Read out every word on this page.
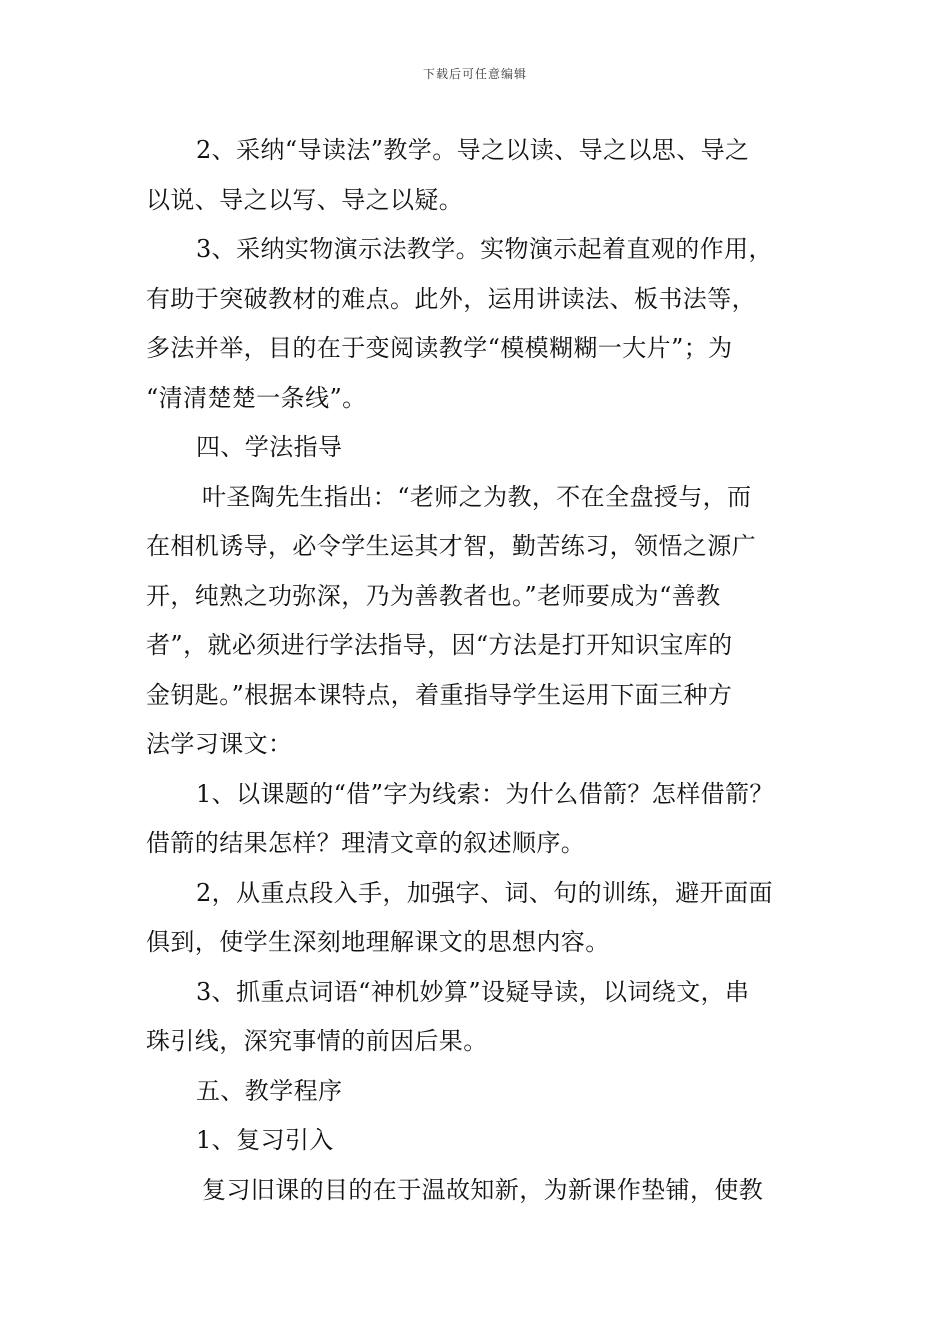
下载后可任意编辑
2、采纳“导读法”教学。导之以读、导之以思、导之
以说、导之以写、导之以疑。
3、采纳实物演示法教学。实物演示起着直观的作用，
有助于突破教材的难点。此外，运用讲读法、板书法等，
多法并举，目的在于变阅读教学“模模糊糊一大片”；为
“清清楚楚一条线”。
四、学法指导
叶圣陶先生指出：“老师之为教，不在全盘授与，而
在相机诱导，必令学生运其才智，勤苦练习，领悟之源广
开，纯熟之功弥深，乃为善教者也。”老师要成为“善教
者”，就必须进行学法指导，因“方法是打开知识宝库的
金钥匙。”根据本课特点，着重指导学生运用下面三种方
法学习课文：
1、以课题的“借”字为线索：为什么借箭？怎样借箭？
借箭的结果怎样？理清文章的叙述顺序。
2，从重点段入手，加强字、词、句的训练，避开面面
俱到，使学生深刻地理解课文的思想内容。
3、抓重点词语“神机妙算”设疑导读，以词绕文，串
珠引线，深究事情的前因后果。
五、教学程序
1、复习引入
复习旧课的目的在于温故知新，为新课作垫铺，使教
